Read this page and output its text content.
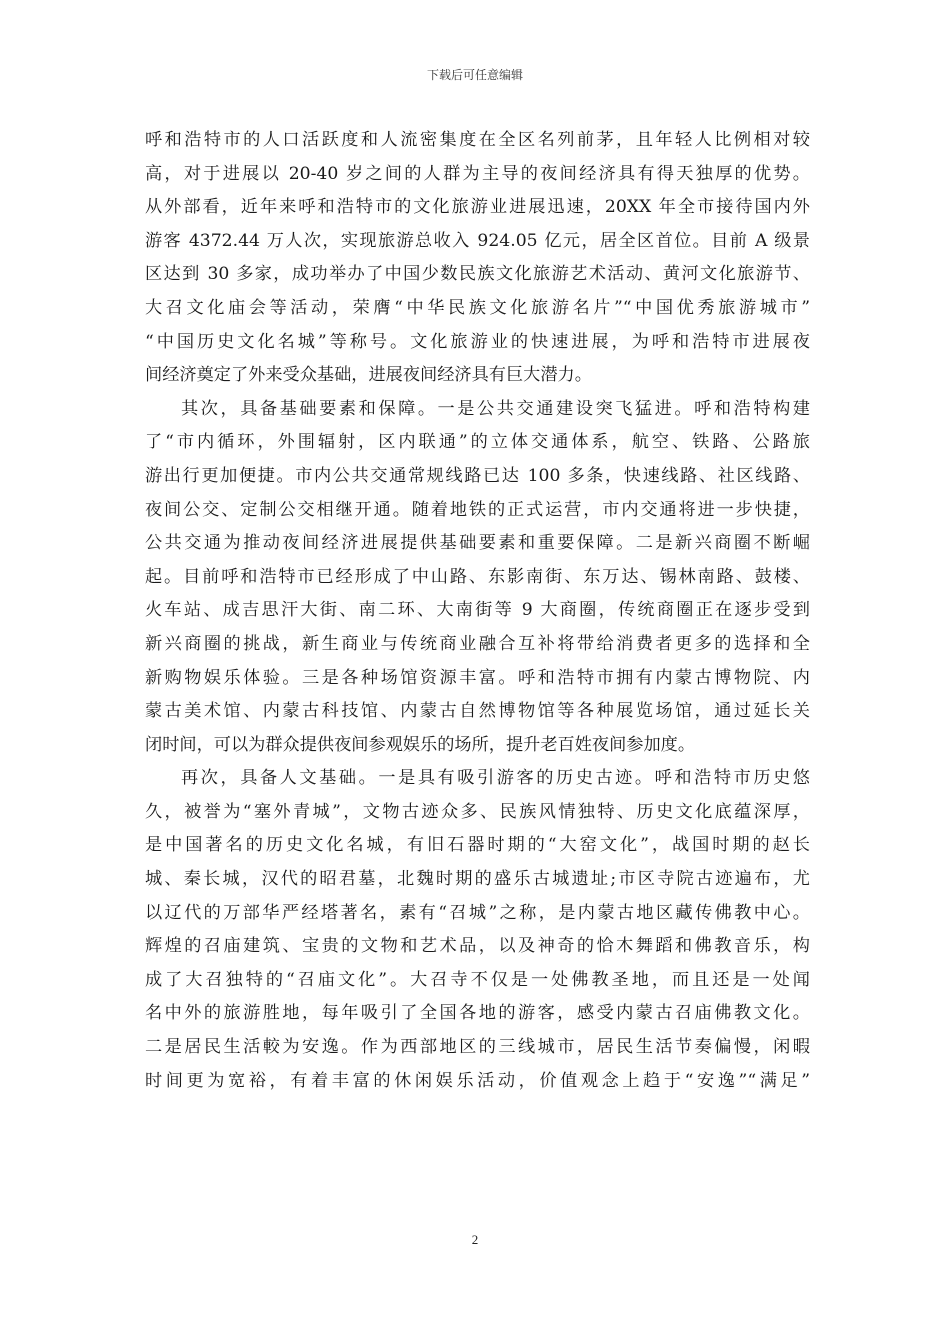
下载后可任意编辑
呼和浩特市的人口活跃度和人流密集度在全区名列前茅，且年轻人比例相对较
高，对于进展以 20-40 岁之间的人群为主导的夜间经济具有得天独厚的优势。
从外部看，近年来呼和浩特市的文化旅游业进展迅速，20XX 年全市接待国内外
游客 4372.44 万人次，实现旅游总收入 924.05 亿元，居全区首位。目前 A 级景
区达到 30 多家，成功举办了中国少数民族文化旅游艺术活动、黄河文化旅游节、
大召文化庙会等活动，荣膺“中华民族文化旅游名片”“中国优秀旅游城市”
“中国历史文化名城”等称号。文化旅游业的快速进展，为呼和浩特市进展夜
间经济奠定了外来受众基础，进展夜间经济具有巨大潜力。
其次，具备基础要素和保障。一是公共交通建设突飞猛进。呼和浩特构建
了“市内循环，外围辐射，区内联通”的立体交通体系，航空、铁路、公路旅
游出行更加便捷。市内公共交通常规线路已达 100 多条，快速线路、社区线路、
夜间公交、定制公交相继开通。随着地铁的正式运营，市内交通将进一步快捷，
公共交通为推动夜间经济进展提供基础要素和重要保障。二是新兴商圈不断崛
起。目前呼和浩特市已经形成了中山路、东影南街、东万达、锡林南路、鼓楼、
火车站、成吉思汗大街、南二环、大南街等 9 大商圈，传统商圈正在逐步受到
新兴商圈的挑战，新生商业与传统商业融合互补将带给消费者更多的选择和全
新购物娱乐体验。三是各种场馆资源丰富。呼和浩特市拥有内蒙古博物院、内
蒙古美术馆、内蒙古科技馆、内蒙古自然博物馆等各种展览场馆，通过延长关
闭时间，可以为群众提供夜间参观娱乐的场所，提升老百姓夜间参加度。
再次，具备人文基础。一是具有吸引游客的历史古迹。呼和浩特市历史悠
久，被誉为“塞外青城”，文物古迹众多、民族风情独特、历史文化底蕴深厚，
是中国著名的历史文化名城，有旧石器时期的“大窑文化”，战国时期的赵长
城、秦长城，汉代的昭君墓，北魏时期的盛乐古城遗址;市区寺院古迹遍布，尤
以辽代的万部华严经塔著名，素有“召城”之称，是内蒙古地区藏传佛教中心。
辉煌的召庙建筑、宝贵的文物和艺术品，以及神奇的恰木舞蹈和佛教音乐，构
成了大召独特的“召庙文化”。大召寺不仅是一处佛教圣地，而且还是一处闻
名中外的旅游胜地，每年吸引了全国各地的游客，感受内蒙古召庙佛教文化。
二是居民生活較为安逸。作为西部地区的三线城市，居民生活节奏偏慢，闲暇
时间更为宽裕，有着丰富的休闲娱乐活动，价值观念上趋于“安逸”“满足”
2
